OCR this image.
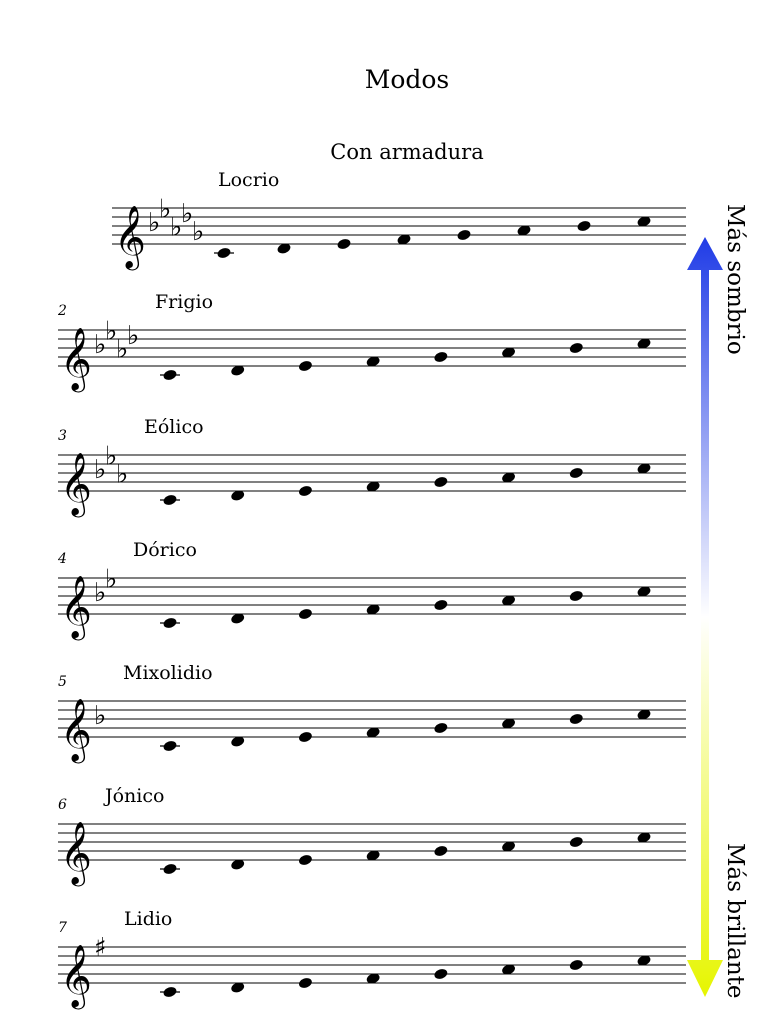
Modos
Con armadura
Locrio
𝄞 ♭
♭
♭
♭
♭
2	Frigio
𝄞 ♭
♭
♭
♭
3	Eólico
𝄞 ♭
♭
♭
4	Dórico
𝄞 ♭
♭
5	Mixolidio
𝄞 ♭
6 Jónico
𝄞
7	Lidio
𝄞 ♯
Más sombrio
Más brillante
